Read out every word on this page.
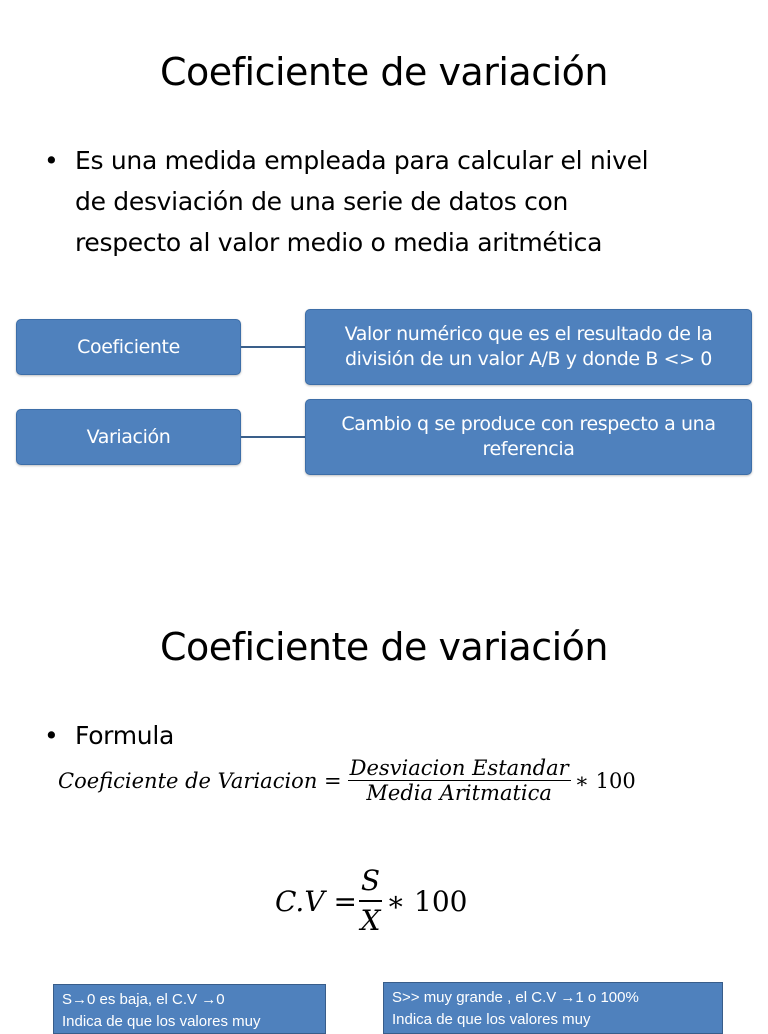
Coeficiente de variación
• Es una medida empleada para calcular el nivel
de desviación de una serie de datos con
respecto al valor medio o media aritmética
Coeficiente
Valor numérico que es el resultado de la
división de un valor A/B y donde B <> 0
Variación
Cambio q se produce con respecto a una
referencia
Coeficiente de variación
• Formula
Coeficiente de Variacion = $\frac{\text{Desviacion Estandar}}{\text{Media Aritmatica}}$ ∗ 100
$C.V = \frac{S}{X}$ ∗ 100
S→0 es baja, el C.V →0
Indica de que los valores muy
S>> muy grande , el C.V →1 o 100%
Indica de que los valores muy
